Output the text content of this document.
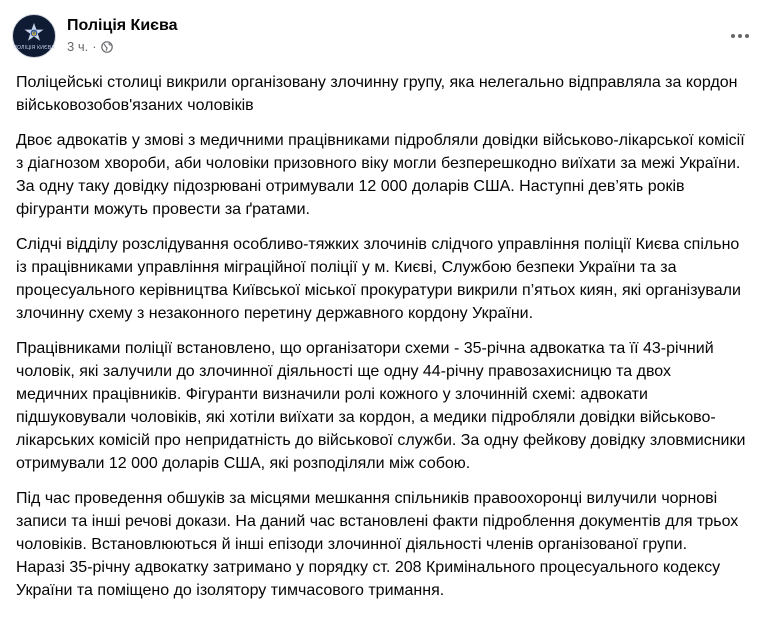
ПОЛІЦІЯ КИЄВА
Поліція Києва
3 ч. ·

Поліцейські столиці викрили організовану злочинну групу, яка нелегально відправляла за кордон військовозобов'язаних чоловіків

Двоє адвокатів у змові з медичними працівниками підробляли довідки військово-лікарської комісії з діагнозом хвороби, аби чоловіки призовного віку могли безперешкодно виїхати за межі України. За одну таку довідку підозрювані отримували 12 000 доларів США. Наступні дев’ять років фігуранти можуть провести за ґратами.

Слідчі відділу розслідування особливо-тяжких злочинів слідчого управління поліції Києва спільно із працівниками управління міграційної поліції у м. Києві, Службою безпеки України та за процесуального керівництва Київської міської прокуратури викрили п’ятьох киян, які організували злочинну схему з незаконного перетину державного кордону України.

Працівниками поліції встановлено, що організатори схеми - 35-річна адвокатка та її 43-річний чоловік, які залучили до злочинної діяльності ще одну 44-річну правозахисницю та двох медичних працівників. Фігуранти визначили ролі кожного у злочинній схемі: адвокати підшуковували чоловіків, які хотіли виїхати за кордон, а медики підробляли довідки військово-лікарських комісій про непридатність до військової служби. За одну фейкову довідку зловмисники отримували 12 000 доларів США, які розподіляли між собою.

Під час проведення обшуків за місцями мешкання спільників правоохоронці вилучили чорнові записи та інші речові докази. На даний час встановлені факти підроблення документів для трьох чоловіків. Встановлюються й інші епізоди злочинної діяльності членів організованої групи.

Наразі 35-річну адвокатку затримано у порядку ст. 208 Кримінального процесуального кодексу України та поміщено до ізолятору тимчасового тримання.
